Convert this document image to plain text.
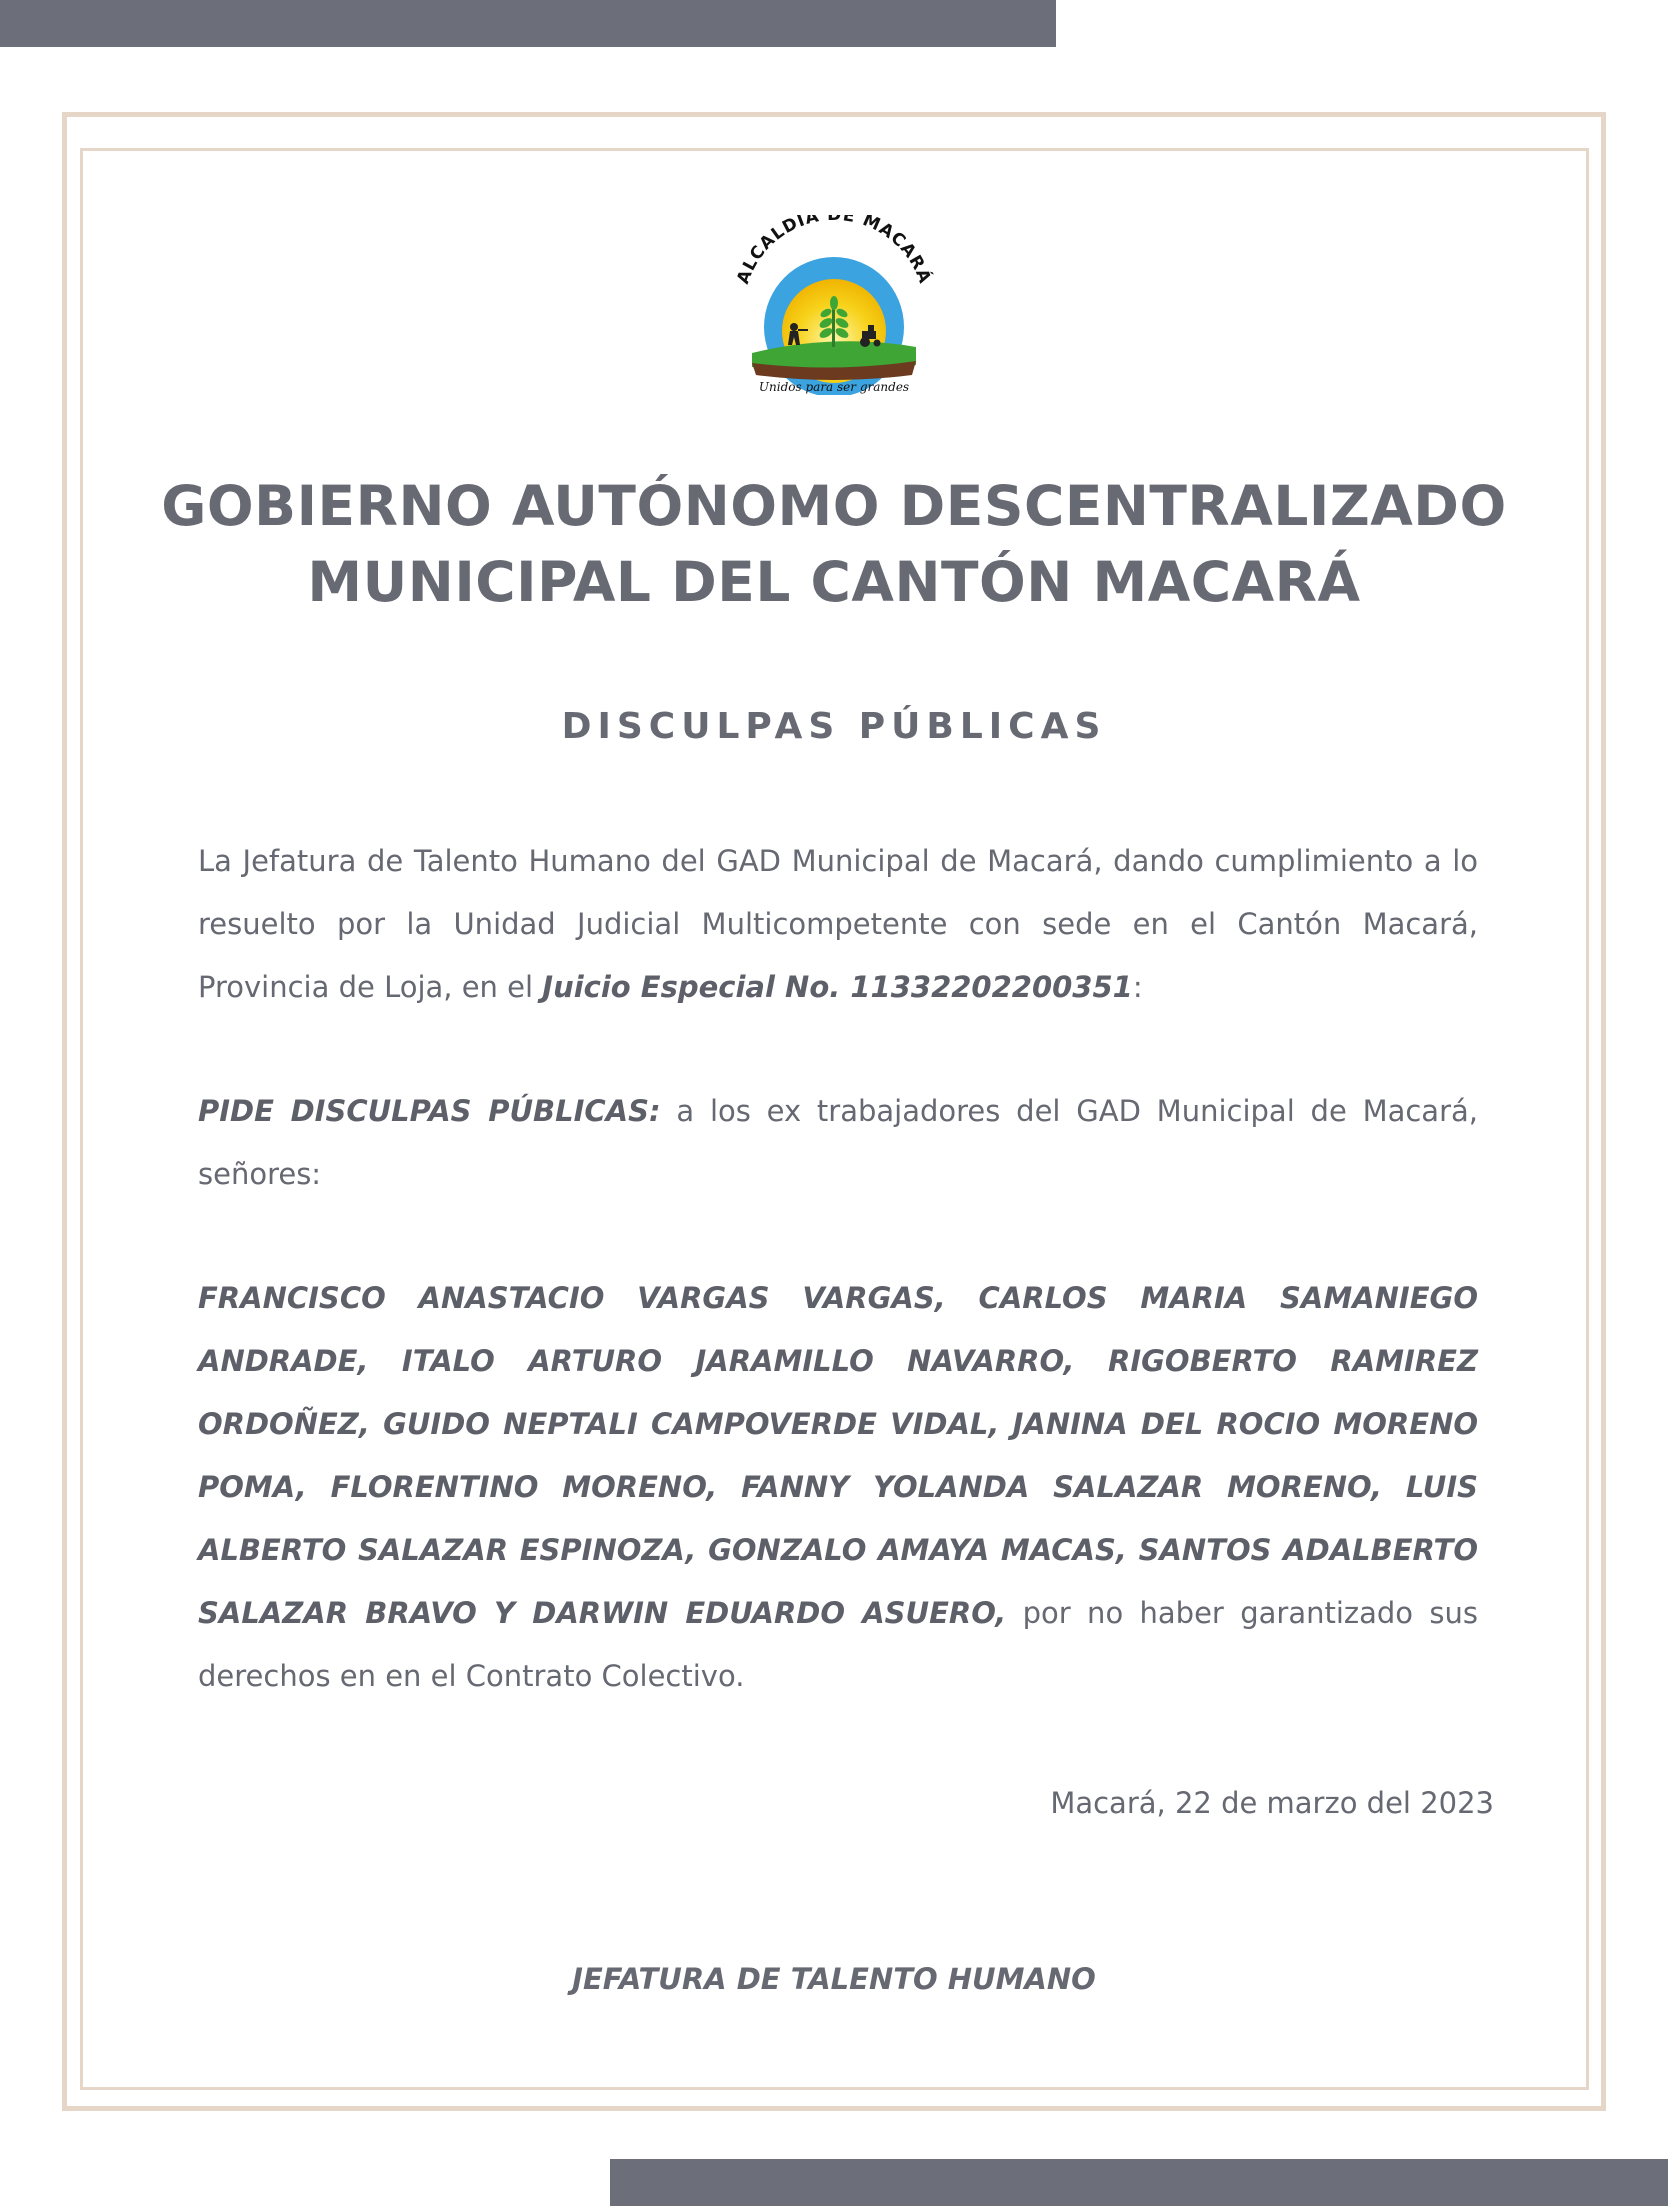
ALCALDÍA DE MACARÁ
Unidos para ser grandes
GOBIERNO AUTÓNOMO DESCENTRALIZADO
MUNICIPAL DEL CANTÓN MACARÁ
DISCULPAS PÚBLICAS

La Jefatura de Talento Humano del GAD Municipal de Macará, dando cumplimiento a lo resuelto por la Unidad Judicial Multicompetente con sede en el Cantón Macará, Provincia de Loja, en el Juicio Especial No. 11332202200351:

PIDE DISCULPAS PÚBLICAS: a los ex trabajadores del GAD Municipal de Macará, señores:

FRANCISCO ANASTACIO VARGAS VARGAS, CARLOS MARIA SAMANIEGO ANDRADE, ITALO ARTURO JARAMILLO NAVARRO, RIGOBERTO RAMIREZ ORDOÑEZ, GUIDO NEPTALI CAMPOVERDE VIDAL, JANINA DEL ROCIO MORENO POMA, FLORENTINO MORENO, FANNY YOLANDA SALAZAR MORENO, LUIS ALBERTO SALAZAR ESPINOZA, GONZALO AMAYA MACAS, SANTOS ADALBERTO SALAZAR BRAVO Y DARWIN EDUARDO ASUERO, por no haber garantizado sus derechos en en el Contrato Colectivo.

Macará, 22 de marzo del 2023

JEFATURA DE TALENTO HUMANO
